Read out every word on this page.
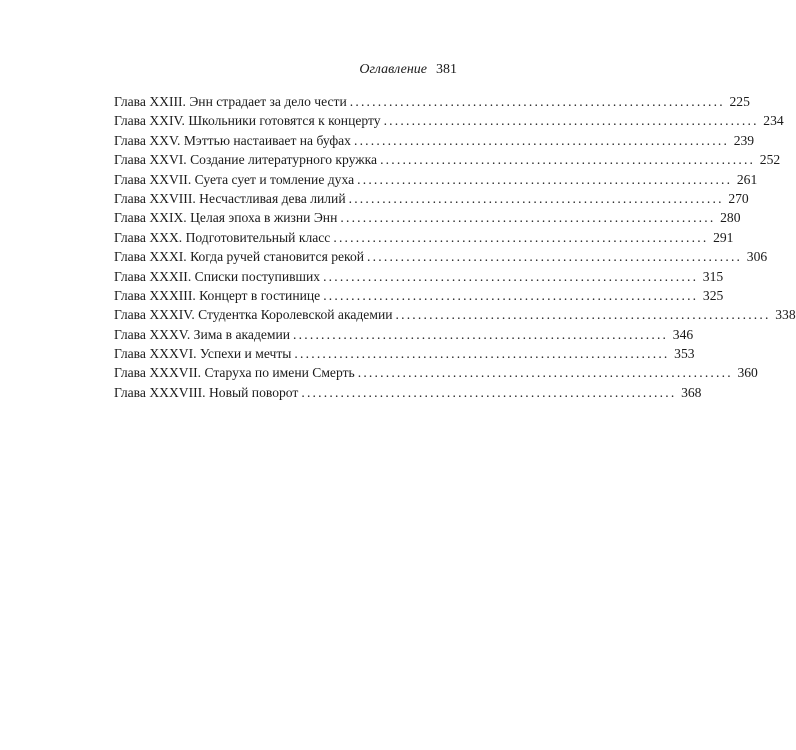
Оглавление 381
Глава XXIII. Энн страдает за дело чести ................................................................... 225
Глава XXIV. Школьники готовятся к концерту ................................................................... 234
Глава XXV. Мэттью настаивает на буфах ................................................................... 239
Глава XXVI. Создание литературного кружка ................................................................... 252
Глава XXVII. Суета сует и томление духа ................................................................... 261
Глава XXVIII. Несчастливая дева лилий ................................................................... 270
Глава XXIX. Целая эпоха в жизни Энн ................................................................... 280
Глава XXX. Подготовительный класс ................................................................... 291
Глава XXXI. Когда ручей становится рекой ................................................................... 306
Глава XXXII. Списки поступивших ................................................................... 315
Глава XXXIII. Концерт в гостинице ................................................................... 325
Глава XXXIV. Студентка Королевской академии ................................................................... 338
Глава XXXV. Зима в академии ................................................................... 346
Глава XXXVI. Успехи и мечты ................................................................... 353
Глава XXXVII. Старуха по имени Смерть ................................................................... 360
Глава XXXVIII. Новый поворот ................................................................... 368
